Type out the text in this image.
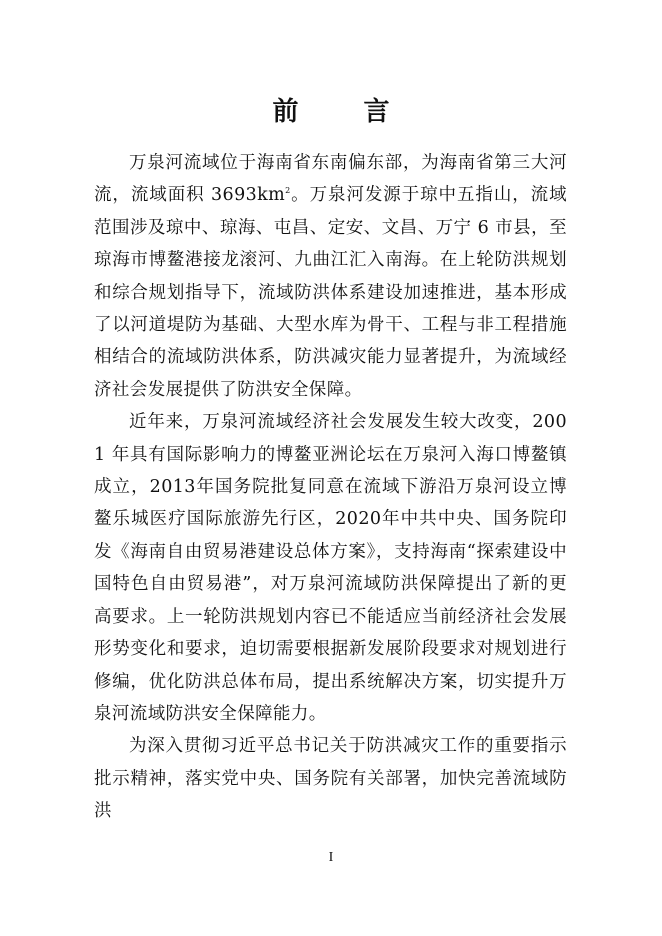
前 言

万泉河流域位于海南省东南偏东部，为海南省第三大河流，流域面积 $3693km^2$。万泉河发源于琼中五指山，流域范围涉及琼中、琼海、屯昌、定安、文昌、万宁 6 市县，至琼海市博鳌港接龙滚河、九曲江汇入南海。在上轮防洪规划和综合规划指导下，流域防洪体系建设加速推进，基本形成了以河道堤防为基础、大型水库为骨干、工程与非工程措施相结合的流域防洪体系，防洪减灾能力显著提升，为流域经济社会发展提供了防洪安全保障。

近年来，万泉河流域经济社会发展发生较大改变，2001 年具有国际影响力的博鳌亚洲论坛在万泉河入海口博鳌镇成立，2013年国务院批复同意在流域下游沿万泉河设立博鳌乐城医疗国际旅游先行区，2020年中共中央、国务院印发《海南自由贸易港建设总体方案》，支持海南“探索建设中国特色自由贸易港”，对万泉河流域防洪保障提出了新的更高要求。上一轮防洪规划内容已不能适应当前经济社会发展形势变化和要求，迫切需要根据新发展阶段要求对规划进行修编，优化防洪总体布局，提出系统解决方案，切实提升万泉河流域防洪安全保障能力。

为深入贯彻习近平总书记关于防洪减灾工作的重要指示批示精神，落实党中央、国务院有关部署，加快完善流域防洪

I
